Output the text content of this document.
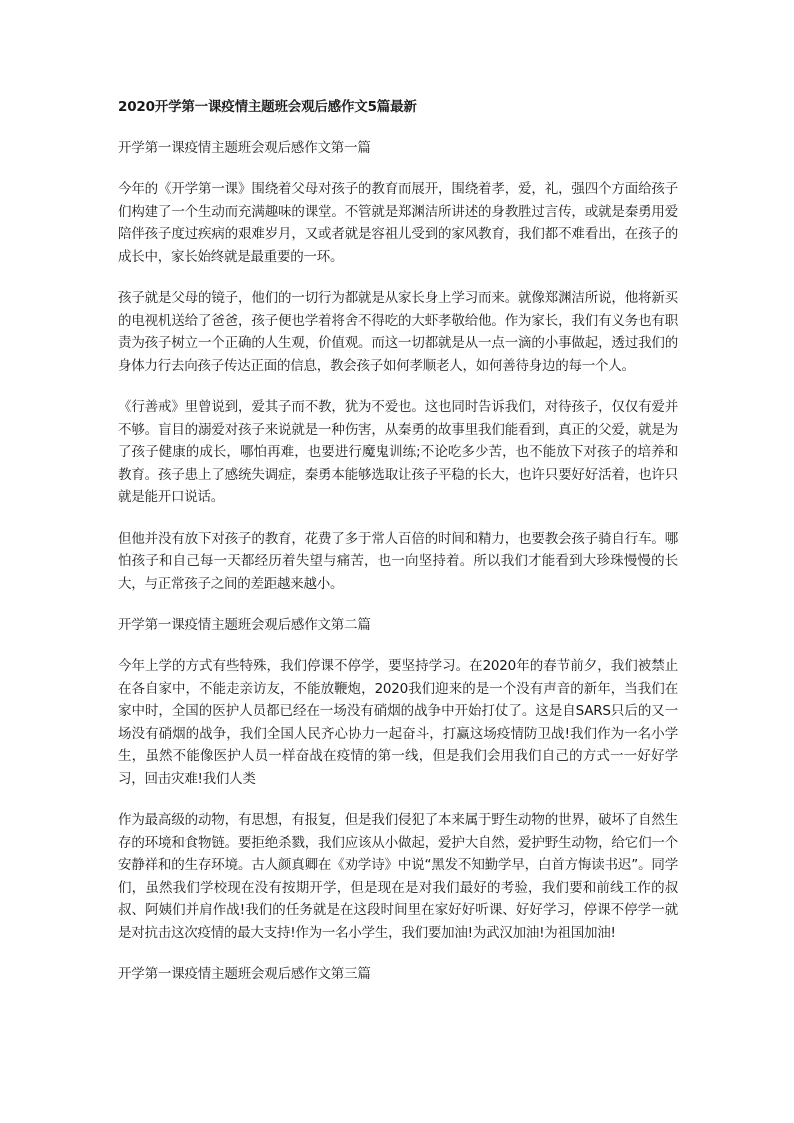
2020开学第一课疫情主题班会观后感作文5篇最新

开学第一课疫情主题班会观后感作文第一篇

今年的《开学第一课》围绕着父母对孩子的教育而展开，围绕着孝，爱，礼，强四个方面给孩子们构建了一个生动而充满趣味的课堂。不管就是郑渊洁所讲述的身教胜过言传，或就是秦勇用爱陪伴孩子度过疾病的艰难岁月，又或者就是容祖儿受到的家风教育，我们都不难看出，在孩子的成长中，家长始终就是最重要的一环。

孩子就是父母的镜子，他们的一切行为都就是从家长身上学习而来。就像郑渊洁所说，他将新买的电视机送给了爸爸，孩子便也学着将舍不得吃的大虾孝敬给他。作为家长，我们有义务也有职责为孩子树立一个正确的人生观，价值观。而这一切都就是从一点一滴的小事做起，透过我们的身体力行去向孩子传达正面的信息，教会孩子如何孝顺老人，如何善待身边的每一个人。

《行善戒》里曾说到，爱其子而不教，犹为不爱也。这也同时告诉我们，对待孩子，仅仅有爱并不够。盲目的溺爱对孩子来说就是一种伤害，从秦勇的故事里我们能看到，真正的父爱，就是为了孩子健康的成长，哪怕再难，也要进行魔鬼训练;不论吃多少苦，也不能放下对孩子的培养和教育。孩子患上了感统失调症，秦勇本能够选取让孩子平稳的长大，也许只要好好活着，也许只就是能开口说话。

但他并没有放下对孩子的教育，花费了多于常人百倍的时间和精力，也要教会孩子骑自行车。哪怕孩子和自己每一天都经历着失望与痛苦，也一向坚持着。所以我们才能看到大珍珠慢慢的长大，与正常孩子之间的差距越来越小。

开学第一课疫情主题班会观后感作文第二篇

今年上学的方式有些特殊，我们停课不停学，要坚持学习。在2020年的春节前夕，我们被禁止在各自家中，不能走亲访友，不能放鞭炮，2020我们迎来的是一个没有声音的新年，当我们在家中时，全国的医护人员都已经在一场没有硝烟的战争中开始打仗了。这是自SARS只后的又一场没有硝烟的战争，我们全国人民齐心协力一起奋斗，打赢这场疫情防卫战!我们作为一名小学生，虽然不能像医护人员一样奋战在疫情的第一线，但是我们会用我们自己的方式一一好好学习，回击灾难!我们人类

作为最高级的动物，有思想，有报复，但是我们侵犯了本来属于野生动物的世界，破坏了自然生存的环境和食物链。要拒绝杀戮，我们应该从小做起，爱护大自然，爱护野生动物，给它们一个安静祥和的生存环境。古人颜真卿在《劝学诗》中说“黑发不知勤学早，白首方悔读书迟”。同学们，虽然我们学校现在没有按期开学，但是现在是对我们最好的考验，我们要和前线工作的叔叔、阿姨们并肩作战!我们的任务就是在这段时间里在家好好听课、好好学习，停课不停学一就是对抗击这次疫情的最大支持!作为一名小学生，我们要加油!为武汉加油!为祖国加油!

开学第一课疫情主题班会观后感作文第三篇
